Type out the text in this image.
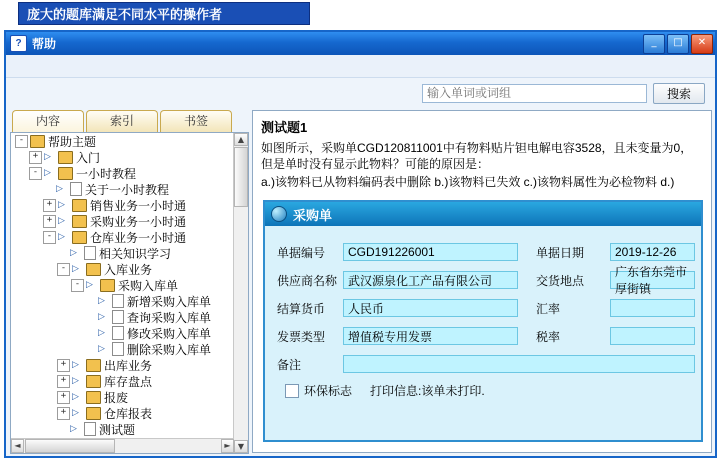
庞大的题库满足不同水平的操作者
? 帮助	_	□	✕
输入单词或词组
搜索
内容	索引	书签
-	帮助主题
+ ▷	入门
- ▷	一小时教程
▷	关于一小时教程
+ ▷	销售业务一小时通
+ ▷	采购业务一小时通
- ▷	仓库业务一小时通
▷	相关知识学习
- ▷	入库业务
- ▷	采购入库单
▷	新增采购入库单
▷	查询采购入库单
▷	修改采购入库单
▷	删除采购入库单
+ ▷	出库业务
+ ▷	库存盘点
+ ▷	报废
+ ▷	仓库报表
▷	测试题
▲
▼
◄	►
测试题1
如图所示，采购单CGD120811001中有物料贴片钽电解电容3528，且未变量为0，但是单时没有显示此物料？可能的原因是：
a.)该物料已从物料编码表中删除 b.)该物料已失效 c.)该物料属性为必检物料 d.)
采购单
单据编号	CGD191226001	单据日期	2019-12-26
供应商名称 武汉源泉化工产品有限公司	交货地点
广东省东莞市厚街镇
结算货币	人民币	汇率
发票类型	增值税专用发票	税率
备注
环保标志 打印信息:该单未打印.
